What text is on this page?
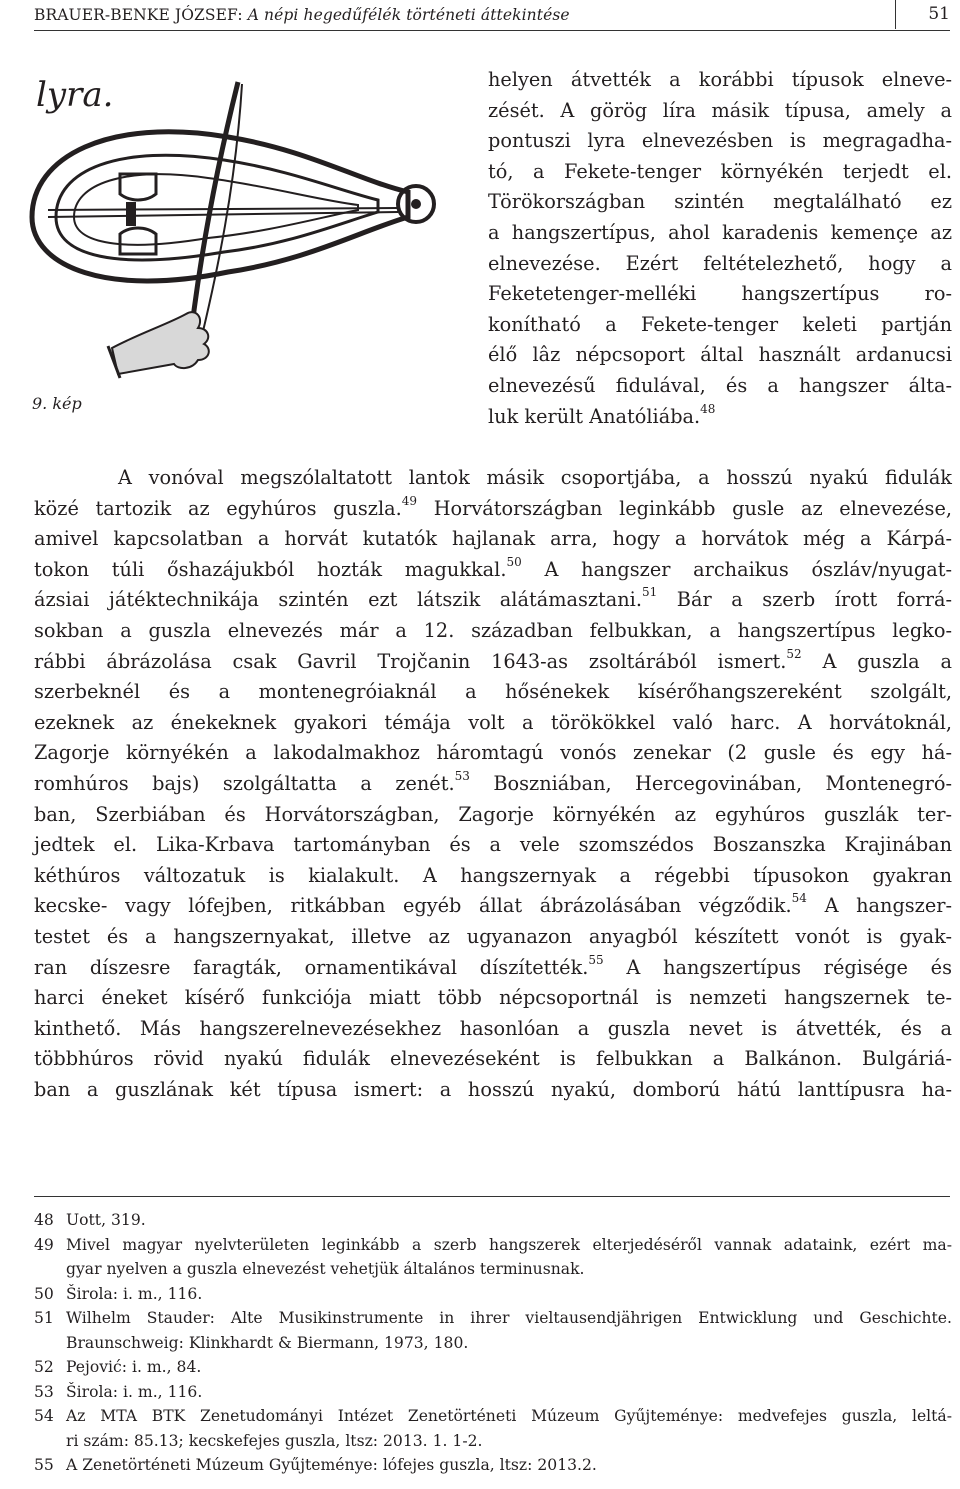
BRAUER-BENKE JÓZSEF: A népi hegedűfélék történeti áttekintése	51
lyra.
9. kép
helyen átvették a korábbi típusok elneve-
zését. A görög líra másik típusa, amely a
pontuszi lyra elnevezésben is megragadha-
tó, a Fekete-tenger környékén terjedt el.
Törökországban szintén megtalálható ez
a hangszertípus, ahol karadenis kemençe az
elnevezése. Ezért feltételezhető, hogy a
Feketetenger-melléki hangszertípus ro-
konítható a Fekete-tenger keleti partján
élő lâz népcsoport által használt ardanucsi
elnevezésű fidulával, és a hangszer álta-
luk került Anatóliába.$^{48}$
A vonóval megszólaltatott lantok másik csoportjába, a hosszú nyakú fidulák
közé tartozik az egyhúros guszla.$^{49}$ Horvátországban leginkább gusle az elnevezése,
amivel kapcsolatban a horvát kutatók hajlanak arra, hogy a horvátok még a Kárpá-
tokon túli őshazájukból hozták magukkal.$^{50}$ A hangszer archaikus ószláv/nyugat-
ázsiai játéktechnikája szintén ezt látszik alátámasztani.$^{51}$ Bár a szerb írott forrá-
sokban a guszla elnevezés már a 12. században felbukkan, a hangszertípus legko-
rábbi ábrázolása csak Gavril Trojčanin 1643-as zsoltárából ismert.$^{52}$ A guszla a
szerbeknél és a montenegróiaknál a hősénekek kísérőhangszereként szolgált,
ezeknek az énekeknek gyakori témája volt a törökökkel való harc. A horvátoknál,
Zagorje környékén a lakodalmakhoz háromtagú vonós zenekar (2 gusle és egy há-
romhúros bajs) szolgáltatta a zenét.$^{53}$ Boszniában, Hercegovinában, Montenegró-
ban, Szerbiában és Horvátországban, Zagorje környékén az egyhúros guszlák ter-
jedtek el. Lika-Krbava tartományban és a vele szomszédos Boszanszka Krajinában
kéthúros változatuk is kialakult. A hangszernyak a régebbi típusokon gyakran
kecske- vagy lófejben, ritkábban egyéb állat ábrázolásában végződik.$^{54}$ A hangszer-
testet és a hangszernyakat, illetve az ugyanazon anyagból készített vonót is gyak-
ran díszesre faragták, ornamentikával díszítették.$^{55}$ A hangszertípus régisége és
harci éneket kísérő funkciója miatt több népcsoportnál is nemzeti hangszernek te-
kinthető. Más hangszerelnevezésekhez hasonlóan a guszla nevet is átvették, és a
többhúros rövid nyakú fidulák elnevezéseként is felbukkan a Balkánon. Bulgáriá-
ban a guszlának két típusa ismert: a hosszú nyakú, domború hátú lanttípusra ha-
48 Uott, 319.
49 Mivel magyar nyelvterületen leginkább a szerb hangszerek elterjedéséről vannak adataink, ezért ma-
gyar nyelven a guszla elnevezést vehetjük általános terminusnak.
50 Širola: i. m., 116.
51 Wilhelm Stauder: Alte Musikinstrumente in ihrer vieltausendjährigen Entwicklung und Geschichte.
Braunschweig: Klinkhardt & Biermann, 1973, 180.
52 Pejović: i. m., 84.
53 Širola: i. m., 116.
54 Az MTA BTK Zenetudományi Intézet Zenetörténeti Múzeum Gyűjteménye: medvefejes guszla, leltá-
ri szám: 85.13; kecskefejes guszla, ltsz: 2013. 1. 1-2.
55 A Zenetörténeti Múzeum Gyűjteménye: lófejes guszla, ltsz: 2013.2.
